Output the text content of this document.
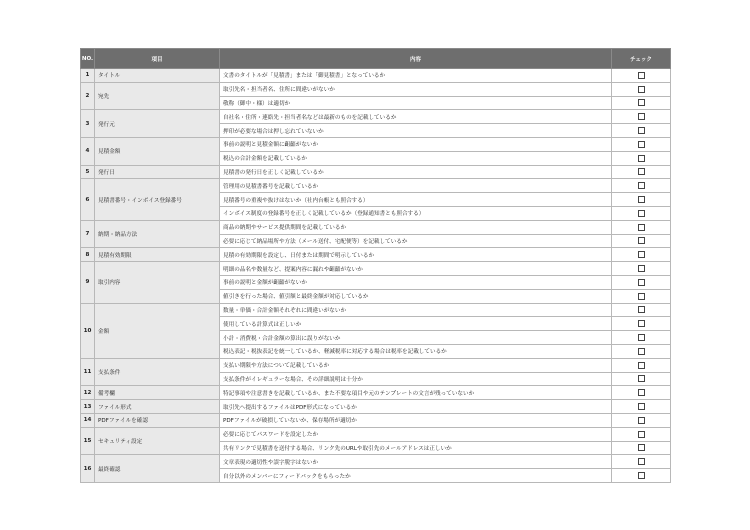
NO.	項目	内容	チェック
1	タイトル	文書のタイトルが「見積書」または「御見積書」となっているか	
2	宛先	取引先名・担当者名、住所に間違いがないか	
		敬称（御中・様）は適切か	
3	発行元	自社名・住所・連絡先・担当者名などは最新のものを記載しているか	
		押印が必要な場合は押し忘れていないか	
4	見積金額	事前の説明と見積金額に齟齬がないか	
		税込の合計金額を記載しているか	
5	発行日	見積書の発行日を正しく記載しているか	
6	見積書番号・インボイス登録番号	管理用の見積書番号を記載しているか	
		見積番号の重複や抜けはないか（社内台帳とも照合する）	
		インボイス制度の登録番号を正しく記載しているか（登録通知書とも照合する）	
7	納期・納品方法	商品の納期やサービス提供期間を記載しているか	
		必要に応じて納品場所や方法（メール送付、宅配便等）を記載しているか	
8	見積有効期限	見積の有効期限を設定し、日付または期間で明示しているか	
9	取引内容	明細の品名や数量など、提案内容に漏れや齟齬がないか	
		事前の説明と金額が齟齬がないか	
		値引きを行った場合、値引額と最終金額が対応しているか	
10	金額	数量・単価・合計金額それぞれに間違いがないか	
		使用している計算式は正しいか	
		小計・消費税・合計金額の算出に誤りがないか	
		税込表記・税抜表記を統一しているか、軽減税率に対応する場合は税率を記載しているか	
11	支払条件	支払い期限や方法について記載しているか	
		支払条件がイレギュラーな場合、その詳細説明は十分か	
12	備考欄	特記事項や注意書きを記載しているか、また不要な項目や元のテンプレートの文言が残っていないか	
13	ファイル形式	取引先へ提出するファイルはPDF形式になっているか	
14	PDFファイルを確認	PDFファイルが破損していないか、保存場所が適切か	
15	セキュリティ設定	必要に応じてパスワードを設定したか	
		共有リンクで見積書を送付する場合、リンク先のURLや取引先のメールアドレスは正しいか	
16	最終確認	文章表現の適切性や誤字脱字はないか	
		自分以外のメンバーにフィードバックをもらったか	
